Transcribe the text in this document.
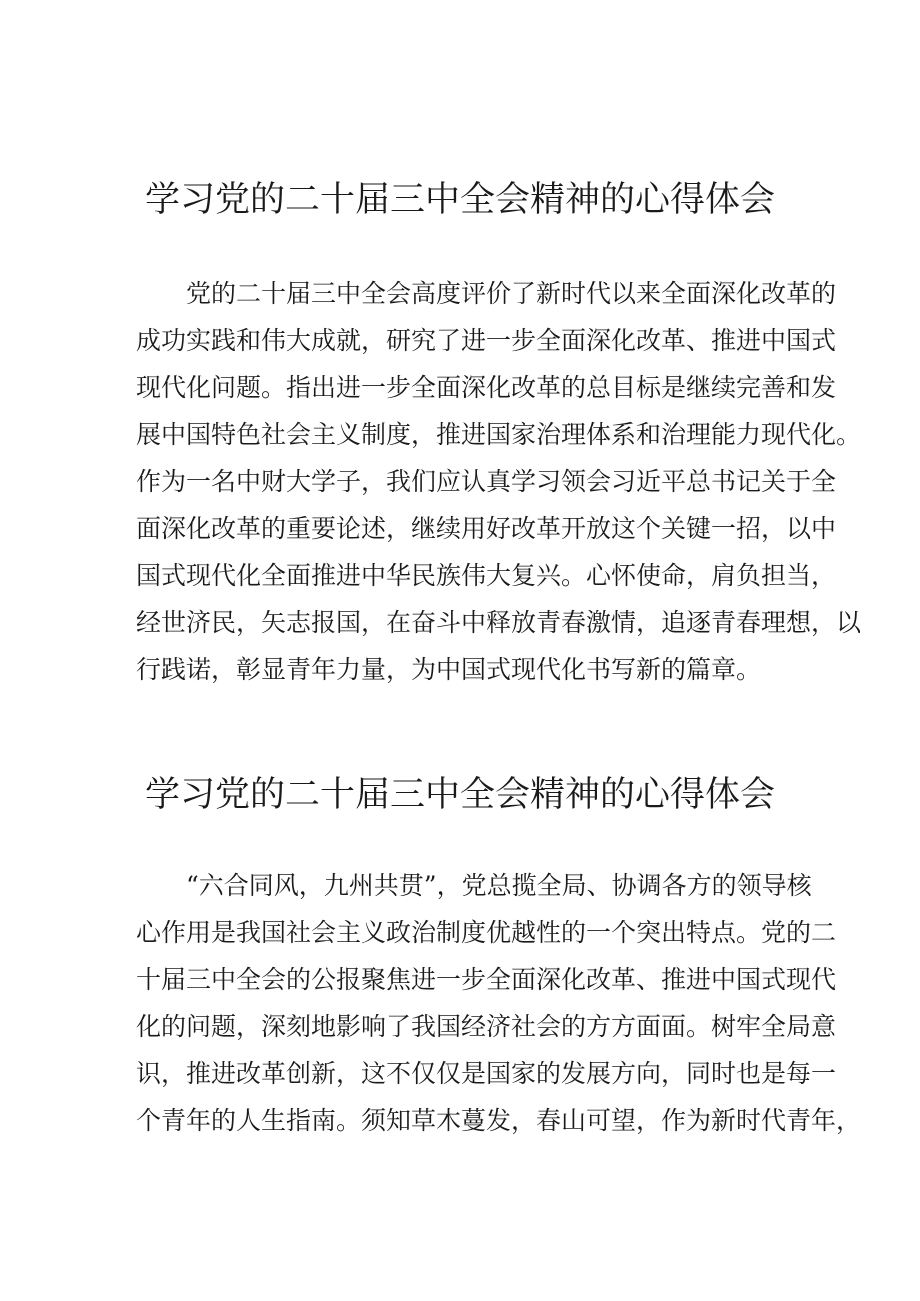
学习党的二十届三中全会精神的心得体会
　　党的二十届三中全会高度评价了新时代以来全面深化改革的
成功实践和伟大成就，研究了进一步全面深化改革、推进中国式
现代化问题。指出进一步全面深化改革的总目标是继续完善和发
展中国特色社会主义制度，推进国家治理体系和治理能力现代化。
作为一名中财大学子，我们应认真学习领会习近平总书记关于全
面深化改革的重要论述，继续用好改革开放这个关键一招，以中
国式现代化全面推进中华民族伟大复兴。心怀使命，肩负担当，
经世济民，矢志报国，在奋斗中释放青春激情，追逐青春理想，以
行践诺，彰显青年力量，为中国式现代化书写新的篇章。
学习党的二十届三中全会精神的心得体会
　　“六合同风，九州共贯”，党总揽全局、协调各方的领导核
心作用是我国社会主义政治制度优越性的一个突出特点。党的二
十届三中全会的公报聚焦进一步全面深化改革、推进中国式现代
化的问题，深刻地影响了我国经济社会的方方面面。树牢全局意
识，推进改革创新，这不仅仅是国家的发展方向，同时也是每一
个青年的人生指南。须知草木蔓发，春山可望，作为新时代青年，
